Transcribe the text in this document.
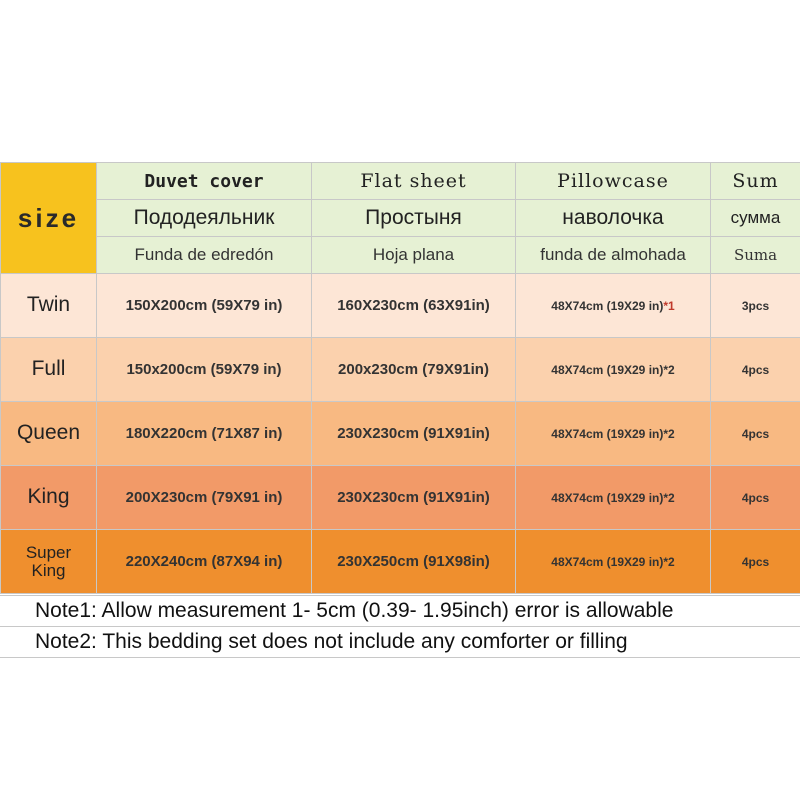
size	Duvet cover	Flat sheet	Pillowcase	Sum
	Пододеяльник	Простыня	наволочка	сумма
	Funda de edredón	Hoja plana	funda de almohada	Suma
Twin	150X200cm (59X79 in)	160X230cm (63X91in)	48X74cm (19X29 in)*1	3pcs
Full	150x200cm (59X79 in)	200x230cm (79X91in)	48X74cm (19X29 in)*2	4pcs
Queen	180X220cm (71X87 in)	230X230cm (91X91in)	48X74cm (19X29 in)*2	4pcs
King	200X230cm (79X91 in)	230X230cm (91X91in)	48X74cm (19X29 in)*2	4pcs
Super
King	220X240cm (87X94 in)	230X250cm (91X98in)	48X74cm (19X29 in)*2	4pcs
Note1: Allow measurement 1- 5cm (0.39- 1.95inch) error is allowable
Note2: This bedding set does not include any comforter or filling
